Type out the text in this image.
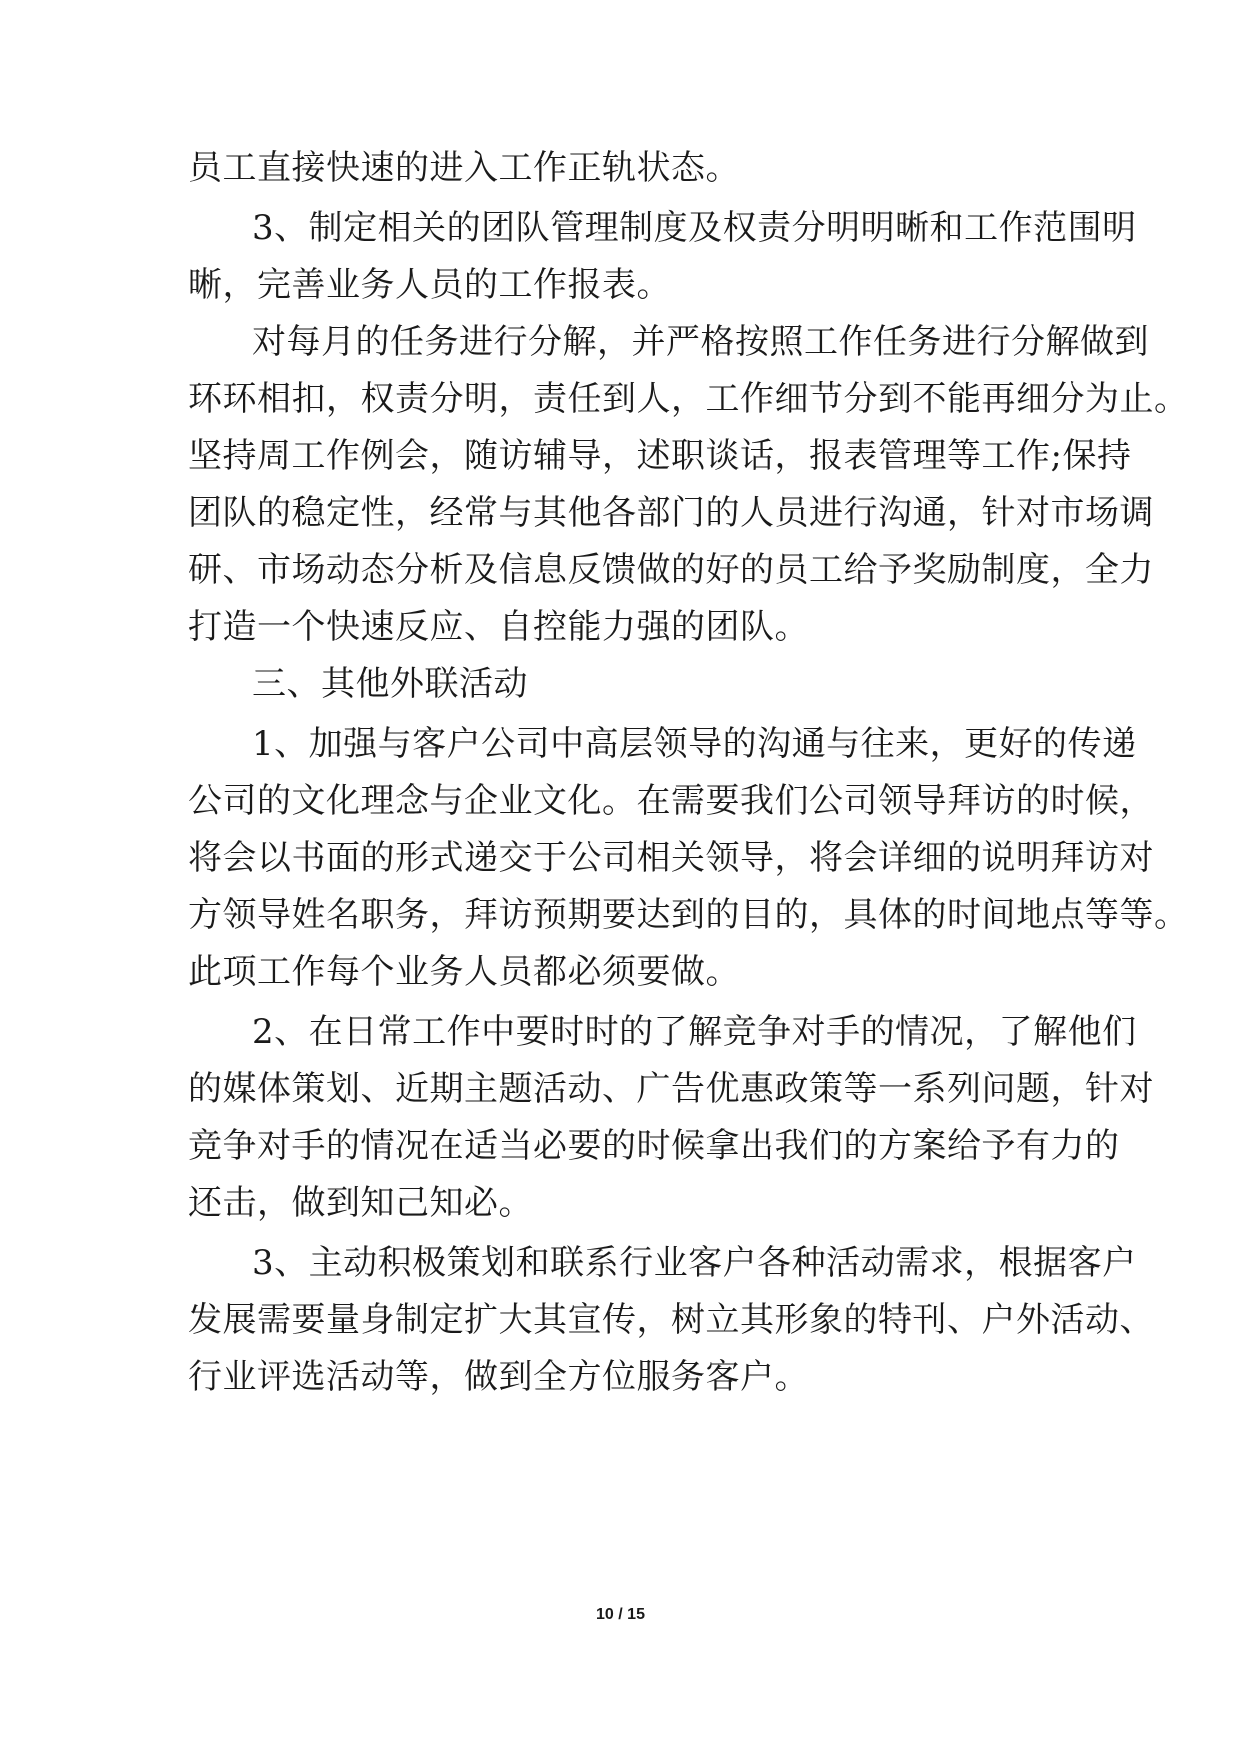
员工直接快速的进入工作正轨状态。
3、制定相关的团队管理制度及权责分明明晰和工作范围明
晰，完善业务人员的工作报表。
对每月的任务进行分解，并严格按照工作任务进行分解做到
环环相扣，权责分明，责任到人，工作细节分到不能再细分为止。
坚持周工作例会，随访辅导，述职谈话，报表管理等工作;保持
团队的稳定性，经常与其他各部门的人员进行沟通，针对市场调
研、市场动态分析及信息反馈做的好的员工给予奖励制度，全力
打造一个快速反应、自控能力强的团队。
三、其他外联活动
1、加强与客户公司中高层领导的沟通与往来，更好的传递
公司的文化理念与企业文化。在需要我们公司领导拜访的时候，
将会以书面的形式递交于公司相关领导，将会详细的说明拜访对
方领导姓名职务，拜访预期要达到的目的，具体的时间地点等等。
此项工作每个业务人员都必须要做。
2、在日常工作中要时时的了解竞争对手的情况，了解他们
的媒体策划、近期主题活动、广告优惠政策等一系列问题，针对
竞争对手的情况在适当必要的时候拿出我们的方案给予有力的
还击，做到知己知必。
3、主动积极策划和联系行业客户各种活动需求，根据客户
发展需要量身制定扩大其宣传，树立其形象的特刊、户外活动、
行业评选活动等，做到全方位服务客户。
10 / 15
